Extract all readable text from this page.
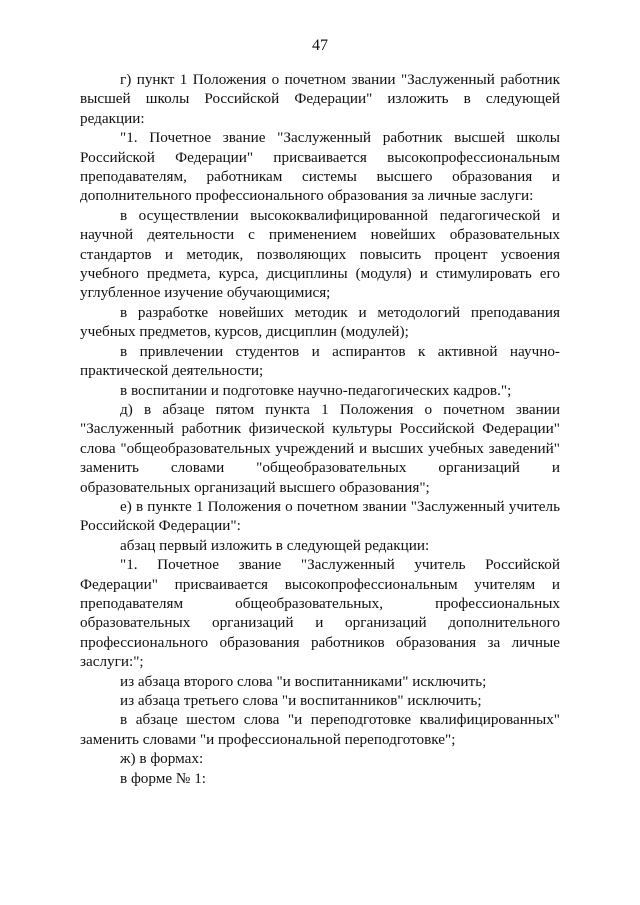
47

г) пункт 1 Положения о почетном звании "Заслуженный работник высшей школы Российской Федерации" изложить в следующей редакции:

"1. Почетное звание "Заслуженный работник высшей школы Российской Федерации" присваивается высокопрофессиональным преподавателям, работникам системы высшего образования и дополнительного профессионального образования за личные заслуги:

в осуществлении высококвалифицированной педагогической и научной деятельности с применением новейших образовательных стандартов и методик, позволяющих повысить процент усвоения учебного предмета, курса, дисциплины (модуля) и стимулировать его углубленное изучение обучающимися;

в разработке новейших методик и методологий преподавания учебных предметов, курсов, дисциплин (модулей);

в привлечении студентов и аспирантов к активной научно-практической деятельности;

в воспитании и подготовке научно-педагогических кадров.";

д) в абзаце пятом пункта 1 Положения о почетном звании "Заслуженный работник физической культуры Российской Федерации" слова "общеобразовательных учреждений и высших учебных заведений" заменить словами "общеобразовательных организаций и образовательных организаций высшего образования";

е) в пункте 1 Положения о почетном звании "Заслуженный учитель Российской Федерации":

абзац первый изложить в следующей редакции:

"1. Почетное звание "Заслуженный учитель Российской Федерации" присваивается высокопрофессиональным учителям и преподавателям общеобразовательных, профессиональных образовательных организаций и организаций дополнительного профессионального образования работников образования за личные заслуги:";

из абзаца второго слова "и воспитанниками" исключить;

из абзаца третьего слова "и воспитанников" исключить;

в абзаце шестом слова "и переподготовке квалифицированных" заменить словами "и профессиональной переподготовке";

ж) в формах:

в форме № 1:
